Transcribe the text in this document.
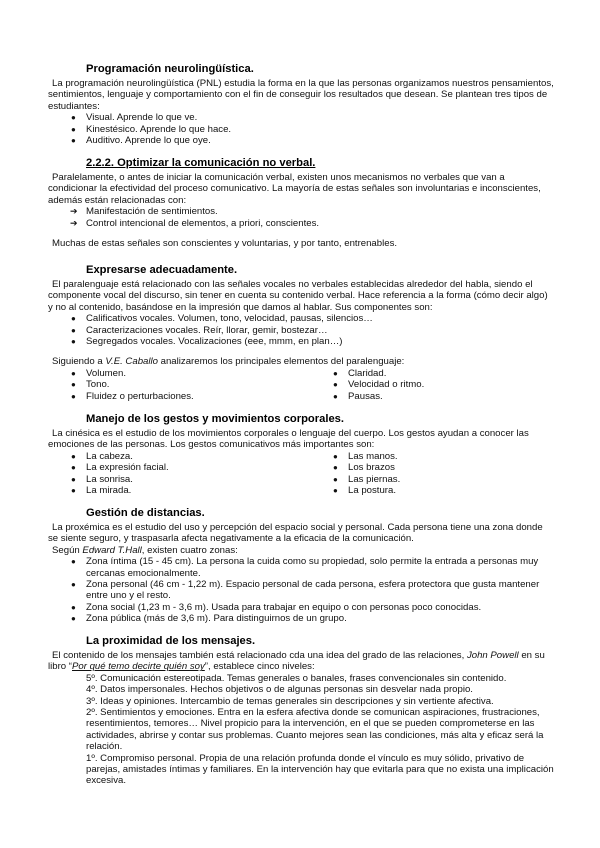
Programación neurolingüística.

La programación neurolingüística (PNL) estudia la forma en la que las personas organizamos nuestros pensamientos, sentimientos, lenguaje y comportamiento con el fin de conseguir los resultados que desean. Se plantean tres tipos de estudiantes:

● Visual. Aprende lo que ve.
● Kinestésico. Aprende lo que hace.
● Auditivo. Aprende lo que oye.
2.2.2. Optimizar la comunicación no verbal.

Paralelamente, o antes de iniciar la comunicación verbal, existen unos mecanismos no verbales que van a condicionar la efectividad del proceso comunicativo. La mayoría de estas señales son involuntarias e inconscientes, además están relacionadas con:

➔ Manifestación de sentimientos.
➔ Control intencional de elementos, a priori, conscientes.

Muchas de estas señales son conscientes y voluntarias, y por tanto, entrenables.

Expresarse adecuadamente.

El paralenguaje está relacionado con las señales vocales no verbales establecidas alrededor del habla, siendo el componente vocal del discurso, sin tener en cuenta su contenido verbal. Hace referencia a la forma (cómo decir algo) y no al contenido, basándose en la impresión que damos al hablar. Sus componentes son:

● Calificativos vocales. Volumen, tono, velocidad, pausas, silencios…
● Caracterizaciones vocales. Reír, llorar, gemir, bostezar…
● Segregados vocales. Vocalizaciones (eee, mmm, en plan…)

Siguiendo a V.E. Caballo analizaremos los principales elementos del paralenguaje:

● Volumen.
● Tono.
● Fluidez o perturbaciones.
● Claridad.
● Velocidad o ritmo.
● Pausas.
Manejo de los gestos y movimientos corporales.

La cinésica es el estudio de los movimientos corporales o lenguaje del cuerpo. Los gestos ayudan a conocer las emociones de las personas. Los gestos comunicativos más importantes son:

● La cabeza.
● La expresión facial.
● La sonrisa.
● La mirada.
● Las manos.
● Los brazos
● Las piernas.
● La postura.
Gestión de distancias.

La proxémica es el estudio del uso y percepción del espacio social y personal. Cada persona tiene una zona donde se siente seguro, y traspasarla afecta negativamente a la eficacia de la comunicación.

Según Edward T.Hall, existen cuatro zonas:

● Zona íntima (15 - 45 cm). La persona la cuida como su propiedad, solo permite la entrada a personas muy cercanas emocionalmente.
● Zona personal (46 cm - 1,22 m). Espacio personal de cada persona, esfera protectora que gusta mantener entre uno y el resto.
● Zona social (1,23 m - 3,6 m). Usada para trabajar en equipo o con personas poco conocidas.
● Zona pública (más de 3,6 m). Para distinguirnos de un grupo.
La proximidad de los mensajes.

El contenido de los mensajes también está relacionado cda una idea del grado de las relaciones, John Powell en su libro “Por qué temo decirte quién soy”, establece cinco niveles:

5º. Comunicación estereotipada. Temas generales o banales, frases convencionales sin contenido.
4º. Datos impersonales. Hechos objetivos o de algunas personas sin desvelar nada propio.
3º. Ideas y opiniones. Intercambio de temas generales sin descripciones y sin vertiente afectiva.
2º. Sentimientos y emociones. Entra en la esfera afectiva donde se comunican aspiraciones, frustraciones, resentimientos, temores… Nivel propicio para la intervención, en el que se pueden comprometerse en las actividades, abrirse y contar sus problemas. Cuanto mejores sean las condiciones, más alta y eficaz será la relación.
1º. Compromiso personal. Propia de una relación profunda donde el vínculo es muy sólido, privativo de parejas, amistades íntimas y familiares. En la intervención hay que evitarla para que no exista una implicación excesiva.
